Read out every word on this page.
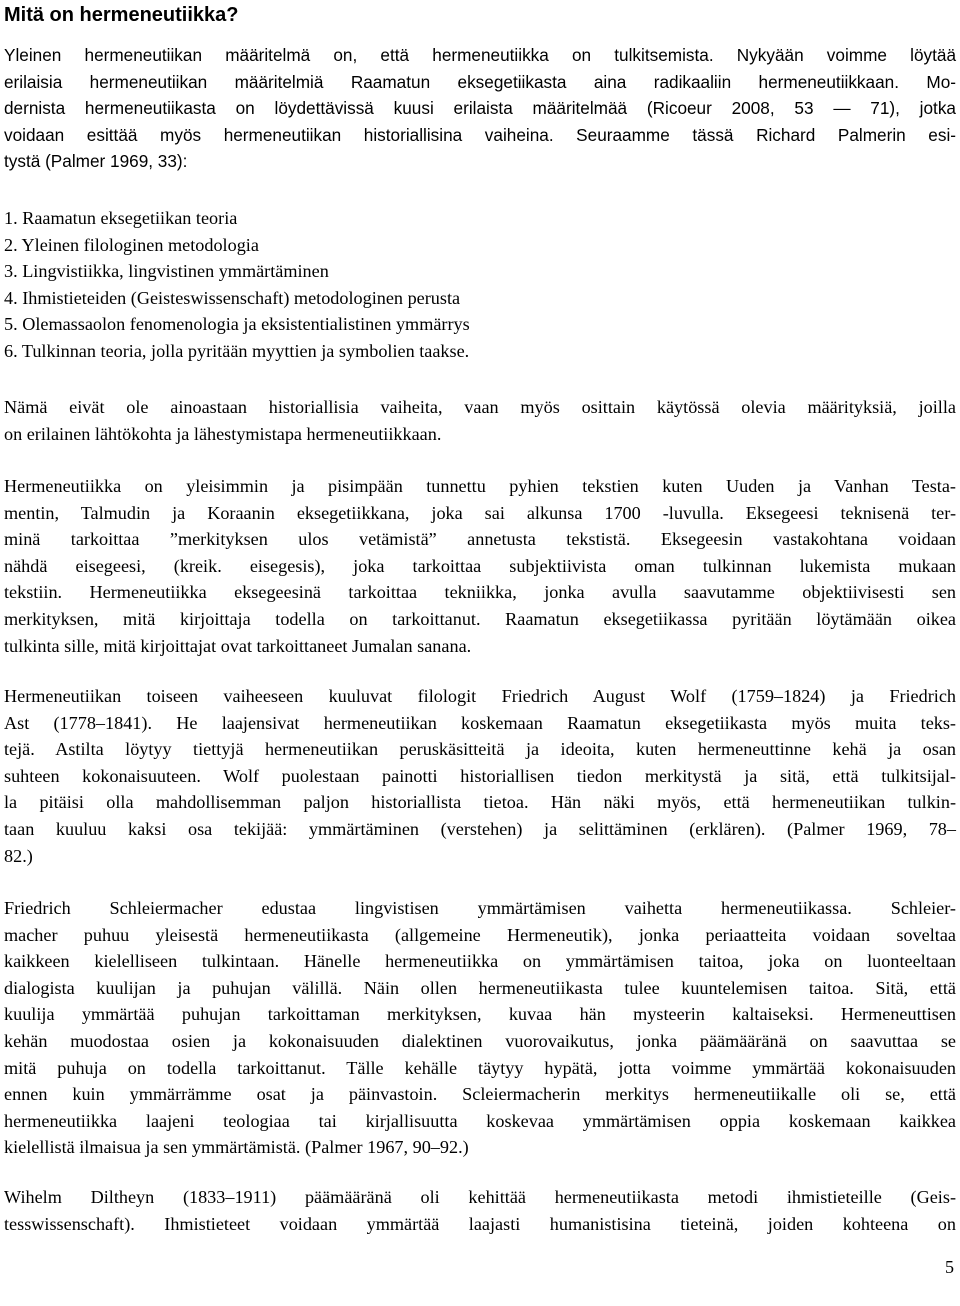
Mitä on hermeneutiikka?
Yleinen hermeneutiikan määritelmä on, että hermeneutiikka on tulkitsemista. Nykyään voimme löytää
erilaisia hermeneutiikan määritelmiä Raamatun eksegetiikasta aina radikaaliin hermeneutiikkaan. Mo-
dernista hermeneutiikasta on löydettävissä kuusi erilaista määritelmää (Ricoeur 2008, 53 — 71), jotka
voidaan esittää myös hermeneutiikan historiallisina vaiheina. Seuraamme tässä Richard Palmerin esi-
tystä (Palmer 1969, 33):
1. Raamatun eksegetiikan teoria
2. Yleinen filologinen metodologia
3. Lingvistiikka, lingvistinen ymmärtäminen
4. Ihmistieteiden (Geisteswissenschaft) metodologinen perusta
5. Olemassaolon fenomenologia ja eksistentialistinen ymmärrys
6. Tulkinnan teoria, jolla pyritään myyttien ja symbolien taakse.
Nämä eivät ole ainoastaan historiallisia vaiheita, vaan myös osittain käytössä olevia määrityksiä, joilla
on erilainen lähtökohta ja lähestymistapa hermeneutiikkaan.
Hermeneutiikka on yleisimmin ja pisimpään tunnettu pyhien tekstien kuten Uuden ja Vanhan Testa-
mentin, Talmudin ja Koraanin eksegetiikkana, joka sai alkunsa 1700 -luvulla. Eksegeesi teknisenä ter-
minä tarkoittaa ”merkityksen ulos vetämistä” annetusta tekstistä. Eksegeesin vastakohtana voidaan
nähdä eisegeesi, (kreik. eisegesis), joka tarkoittaa subjektiivista oman tulkinnan lukemista mukaan
tekstiin. Hermeneutiikka eksegeesinä tarkoittaa tekniikka, jonka avulla saavutamme objektiivisesti sen
merkityksen, mitä kirjoittaja todella on tarkoittanut. Raamatun eksegetiikassa pyritään löytämään oikea
tulkinta sille, mitä kirjoittajat ovat tarkoittaneet Jumalan sanana.
Hermeneutiikan toiseen vaiheeseen kuuluvat filologit Friedrich August Wolf (1759–1824) ja Friedrich
Ast (1778–1841). He laajensivat hermeneutiikan koskemaan Raamatun eksegetiikasta myös muita teks-
tejä. Astilta löytyy tiettyjä hermeneutiikan peruskäsitteitä ja ideoita, kuten hermeneuttinne kehä ja osan
suhteen kokonaisuuteen. Wolf puolestaan painotti historiallisen tiedon merkitystä ja sitä, että tulkitsijal-
la pitäisi olla mahdollisemman paljon historiallista tietoa. Hän näki myös, että hermeneutiikan tulkin-
taan kuuluu kaksi osa tekijää: ymmärtäminen (verstehen) ja selittäminen (erklären). (Palmer 1969, 78–
82.)
Friedrich Schleiermacher edustaa lingvistisen ymmärtämisen vaihetta hermeneutiikassa. Schleier-
macher puhuu yleisestä hermeneutiikasta (allgemeine Hermeneutik), jonka periaatteita voidaan soveltaa
kaikkeen kielelliseen tulkintaan. Hänelle hermeneutiikka on ymmärtämisen taitoa, joka on luonteeltaan
dialogista kuulijan ja puhujan välillä. Näin ollen hermeneutiikasta tulee kuuntelemisen taitoa. Sitä, että
kuulija ymmärtää puhujan tarkoittaman merkityksen, kuvaa hän mysteerin kaltaiseksi. Hermeneuttisen
kehän muodostaa osien ja kokonaisuuden dialektinen vuorovaikutus, jonka päämääränä on saavuttaa se
mitä puhuja on todella tarkoittanut. Tälle kehälle täytyy hypätä, jotta voimme ymmärtää kokonaisuuden
ennen kuin ymmärrämme osat ja päinvastoin. Scleiermacherin merkitys hermeneutiikalle oli se, että
hermeneutiikka laajeni teologiaa tai kirjallisuutta koskevaa ymmärtämisen oppia koskemaan kaikkea
kielellistä ilmaisua ja sen ymmärtämistä. (Palmer 1967, 90–92.)
Wihelm Diltheyn (1833–1911) päämääränä oli kehittää hermeneutiikasta metodi ihmistieteille (Geis-
tesswissenschaft). Ihmistieteet voidaan ymmärtää laajasti humanistisina tieteinä, joiden kohteena on
5
